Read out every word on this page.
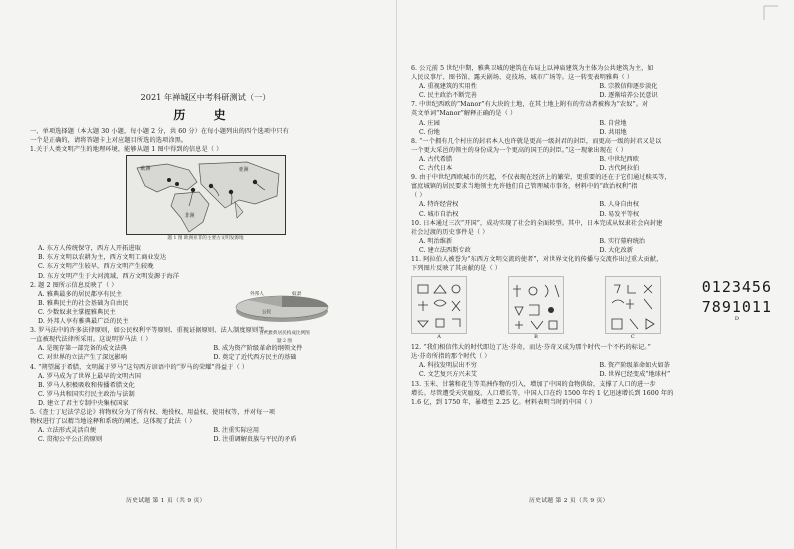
2021 年禅城区中考科研测试（一）
历 史
一、单项选择题（本大题 30 小题，每小题 2 分，共 60 分）在每小题列出的四个选项中只有
一个是正确的，请将答题卡上对应题目所选的选项涂黑。
1.关于人类文明产生的地理环境，能够从题 1 图中得到的信息是（ ）
欧洲
非洲
亚洲
题 1 图 欧洲亚非的主要古文明发源地
A. 东方人传统保守，西方人开拓进取
B. 东方文明以农耕为主，西方文明工商业发达
C. 东方文明产生较早，西方文明产生较晚
D. 东方文明产生于大河流域，西方文明发源于海洋
2. 题 2 图所示信息反映了（ ）
A. 雅典最多的居民都享有民主
B. 雅典民主的社会基础为自由民
C. 少数奴隶主掌握雅典民主
D. 外邦人享有雅典最广泛的民主
3. 罗马法中的许多法律原则，如公民权利平等原则、重视证据原则、法人制度原则等，
一直被现代法律所采用。这说明罗马法（ ）
A. 是现存第一部完备的成文法典	B. 成为资产阶级革命的纲领文件
C. 对世界的立法产生了深远影响	D. 奠定了近代西方民主的基础
4. “朔望属于希腊，文明属于罗马”这句西方谚语中的“罗马的荣耀”得益于（ ）
A. 罗马成为了世界上最早的文明古国
B. 罗马人积极吸收和传播希腊文化
C. 罗马共和国实行民主政治与法制
D. 建立了君主专制中央集权国家
5.《查士丁尼法学总论》将物权分为了所有权、地役权、用益权、使用权等，并对每一项
物权进行了以精当地诠释和系统的阐述，这体现了此法（ ）
A. 立法形式灵活自便	B. 注重实际应用
C. 贯彻公平公正的原则	D. 注重调解贵族与平民的矛盾
奴隶
外邦人
公民
古代雅典居民构成比例图
题 2 图
历史试题 第 1 页（共 9 页）
6. 公元前 5 世纪中期，雅典卫城的建筑在布局上以神庙建筑为主体为公共建筑为主，如
人民议事厅、图书馆、露天剧场、竞技场、城市广场等。这一转变表明雅典（ ）
A. 重视建筑的实用性	B. 宗教信仰逐步淡化
C. 民主政治不断完善	D. 逐渐培养公民意识
7. 中世纪西欧的“Manor”有大块的土地，在其土地上附有的劳动者被称为“农奴”。对
英文单词“Manor”解释正确的是（ ）
A. 庄园	B. 自营地
C. 份地	D. 共用地
8. “一个拥有几个村庄的封君本人也许就是更高一级封君的封臣，而更高一级的封君又是以
一个更大采邑的领主的身份成为一个更高的国王的封臣。”这一现象出现在（ ）
A. 古代希腊	B. 中世纪西欧
C. 古代日本	D. 古代阿拉伯
9. 由于中世纪西欧城市的兴起，不仅表现在经济上的繁荣，更重要的还在于它们通过赎买等，
富庶城镇的居民要求当地领主允许他们自己管理城市事务，材料中的“政治权利”指
（ ）
A. 特许经营权	B. 人身自由权
C. 城市自治权	D. 易发平等权
10. 日本通过三次“开国”，成功实现了社会的全面转型。其中，日本完成从奴隶社会向封建
社会过渡的历史事件是（ ）
A. 明治维新	B. 实行幕府统治
C. 建立法西斯专政	D. 大化改新
11. 阿拉伯人被誉为“东西方文明交流的使者”，对世界文化的传播与交流作出过重大贡献，
下列图片反映了其贡献的是（ ）
A	B	C
0123456
7891011
D
12. “我们相信伟大的时代即边了达·芬奇，而达·芬奇又成为那个时代一个不朽的标记。”
达·芬奇所指的那个时代（ ）
A. 科技发明层出不穷	B. 资产阶级革命如火如荼
C. 文艺复兴方兴未艾	D. 世界已经变成“地球村”
13. 玉米、甘薯和花生等美洲作物的引入，增加了中国的食物供给，支撑了人口的进一步
增长。尽管遭受天灾瘟疫、人口增长等，中国人口在约 1500 年约 1 亿迅速增长到 1600 年的
1.6 亿，到 1750 年，暴增至 2.25 亿。材料表明当时的中国（ ）
历史试题 第 2 页（共 9 页）
